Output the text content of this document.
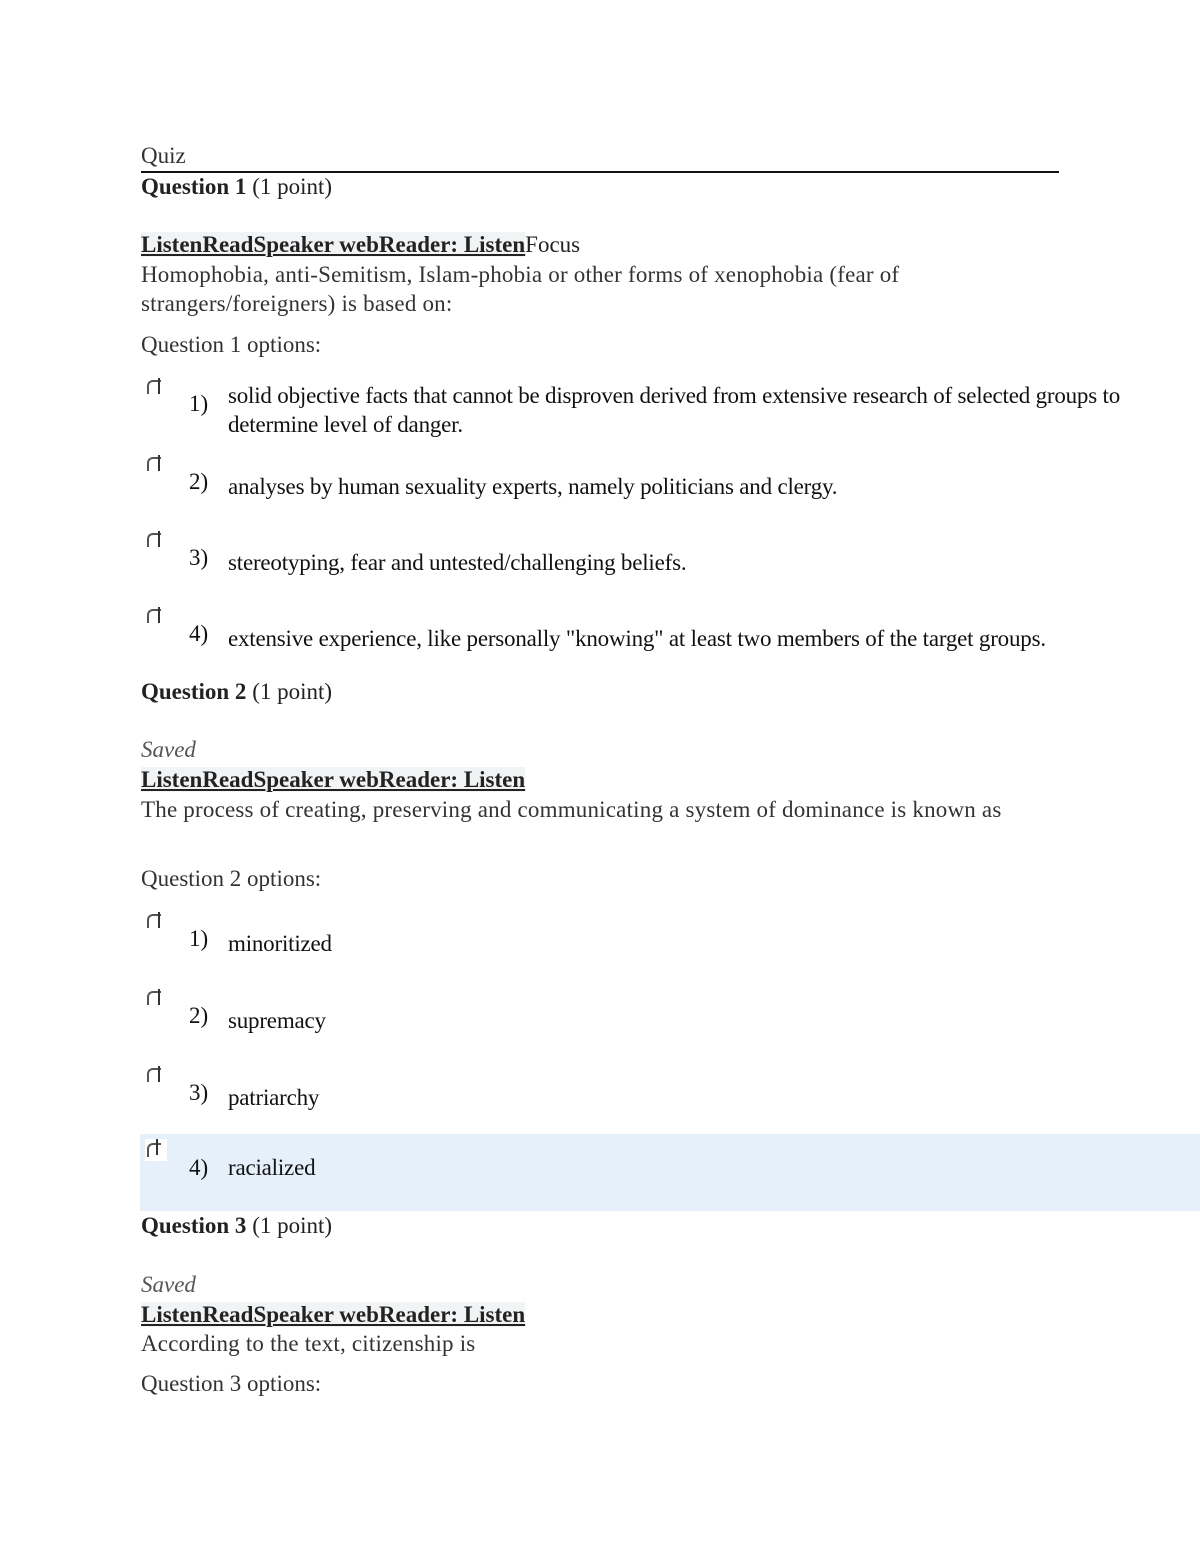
Quiz
Question 1 (1 point)
ListenReadSpeaker webReader: ListenFocus
Homophobia, anti-Semitism, Islam-phobia or other forms of xenophobia (fear of strangers/foreigners) is based on:
Question 1 options:
1) solid objective facts that cannot be disproven derived from extensive research of selected groups to determine level of danger.
2) analyses by human sexuality experts, namely politicians and clergy.
3) stereotyping, fear and untested/challenging beliefs.
4) extensive experience, like personally "knowing" at least two members of the target groups.
Question 2 (1 point)
Saved
ListenReadSpeaker webReader: Listen
The process of creating, preserving and communicating a system of dominance is known as
Question 2 options:
1) minoritized
2) supremacy
3) patriarchy
4) racialized
Question 3 (1 point)
Saved
ListenReadSpeaker webReader: Listen
According to the text, citizenship is
Question 3 options:
